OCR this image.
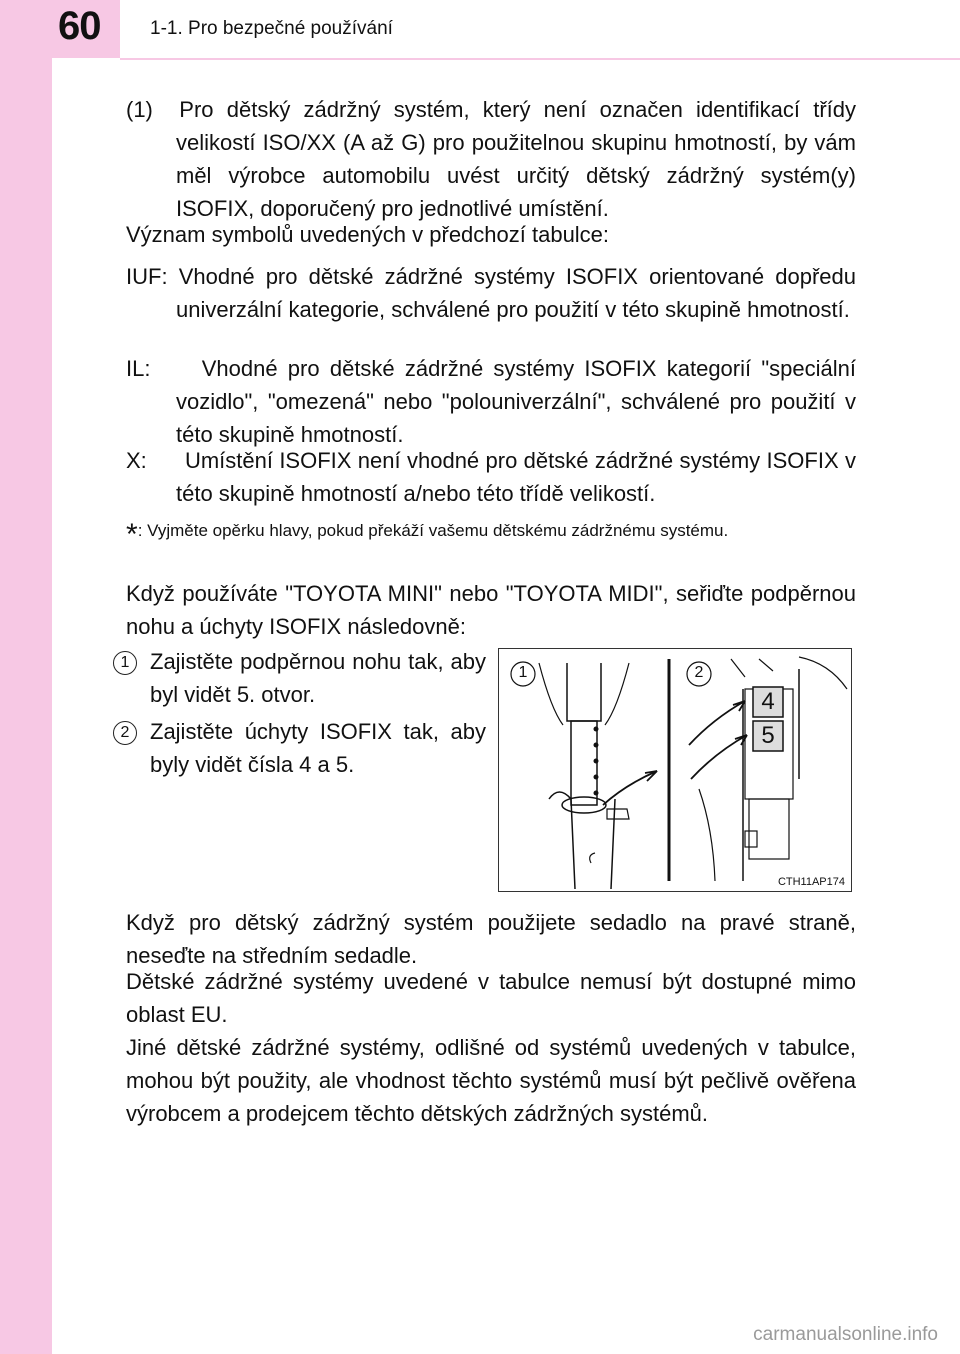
60	1-1. Pro bezpečné používání
(1)  Pro dětský zádržný systém, který není označen identifikací třídy velikostí ISO/XX (A až G) pro použitelnou skupinu hmotností, by vám měl výrobce automobilu uvést určitý dětský zádržný systém(y) ISOFIX, doporučený pro jednotlivé umístění.
Význam symbolů uvedených v předchozí tabulce:
IUF: Vhodné pro dětské zádržné systémy ISOFIX orientované dopředu univerzální kategorie, schválené pro použití v této skupině hmotností.
IL:     Vhodné pro dětské zádržné systémy ISOFIX kategorií "speciální vozidlo", "omezená" nebo "polouniverzální", schválené pro použití v této skupině hmotností.
X:      Umístění ISOFIX není vhodné pro dětské zádržné systémy ISOFIX v této skupině hmotností a/nebo této třídě velikostí.
*: Vyjměte opěrku hlavy, pokud překáží vašemu dětskému zádržnému systému.
Když používáte "TOYOTA MINI" nebo "TOYOTA MIDI", seřiďte podpěrnou nohu a úchyty ISOFIX následovně:
1 Zajistěte podpěrnou nohu tak, aby byl vidět 5. otvor.
2 Zajistěte úchyty ISOFIX tak, aby byly vidět čísla 4 a 5.
1	2
4
5
CTH11AP174
Když pro dětský zádržný systém použijete sedadlo na pravé straně, neseďte na středním sedadle.
Dětské zádržné systémy uvedené v tabulce nemusí být dostupné mimo oblast EU.
Jiné dětské zádržné systémy, odlišné od systémů uvedených v tabulce, mohou být použity, ale vhodnost těchto systémů musí být pečlivě ověřena výrobcem a prodejcem těchto dětských zádržných systémů.
carmanualsonline.info
